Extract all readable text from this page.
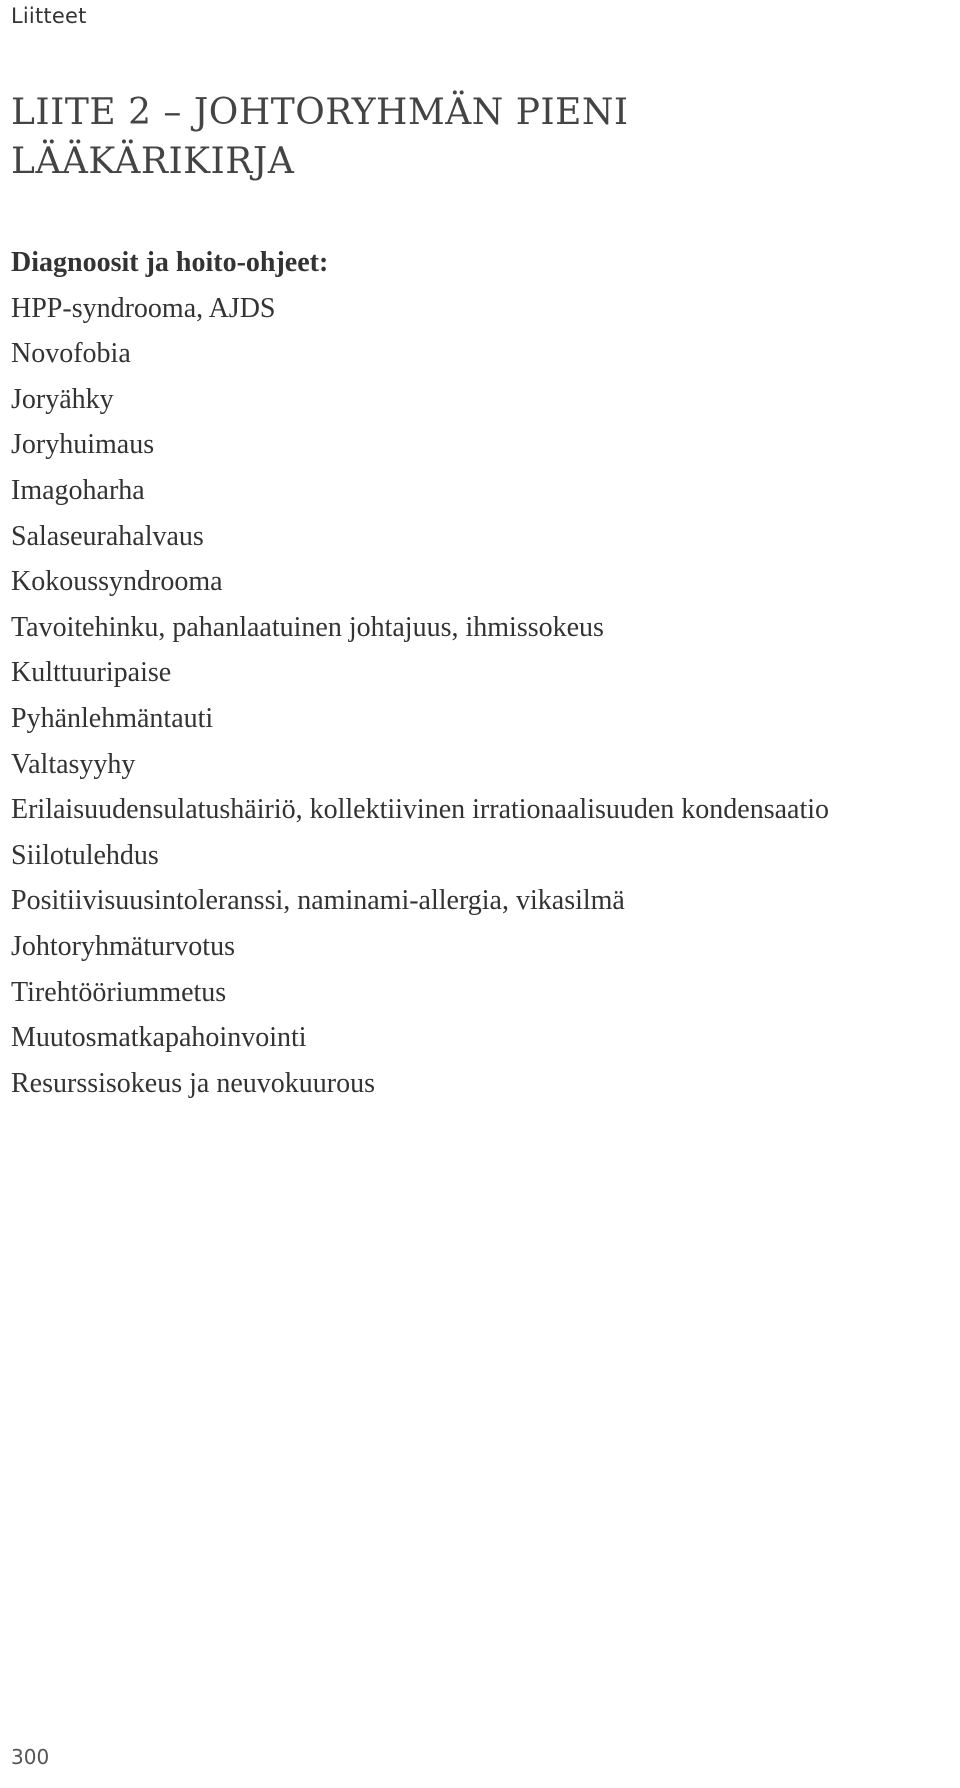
Liitteet
LIITE 2 – JOHTORYHMÄN PIENI LÄÄKÄRIKIRJA
Diagnoosit ja hoito-ohjeet:
HPP-syndrooma, AJDS
Novofobia
Joryähky
Joryhuimaus
Imagoharha
Salaseurahalvaus
Kokoussyndrooma
Tavoitehinku, pahanlaatuinen johtajuus, ihmissokeus
Kulttuuripaise
Pyhänlehmäntauti
Valtasyyhy
Erilaisuudensulatushäiriö, kollektiivinen irrationaalisuuden kondensaatio
Siilotulehdus
Positiivisuusintoleranssi, naminami-allergia, vikasilmä
Johtoryhmäturvotus
Tirehtööriummetus
Muutosmatkapahoinvointi
Resurssisokeus ja neuvokuurous
300
